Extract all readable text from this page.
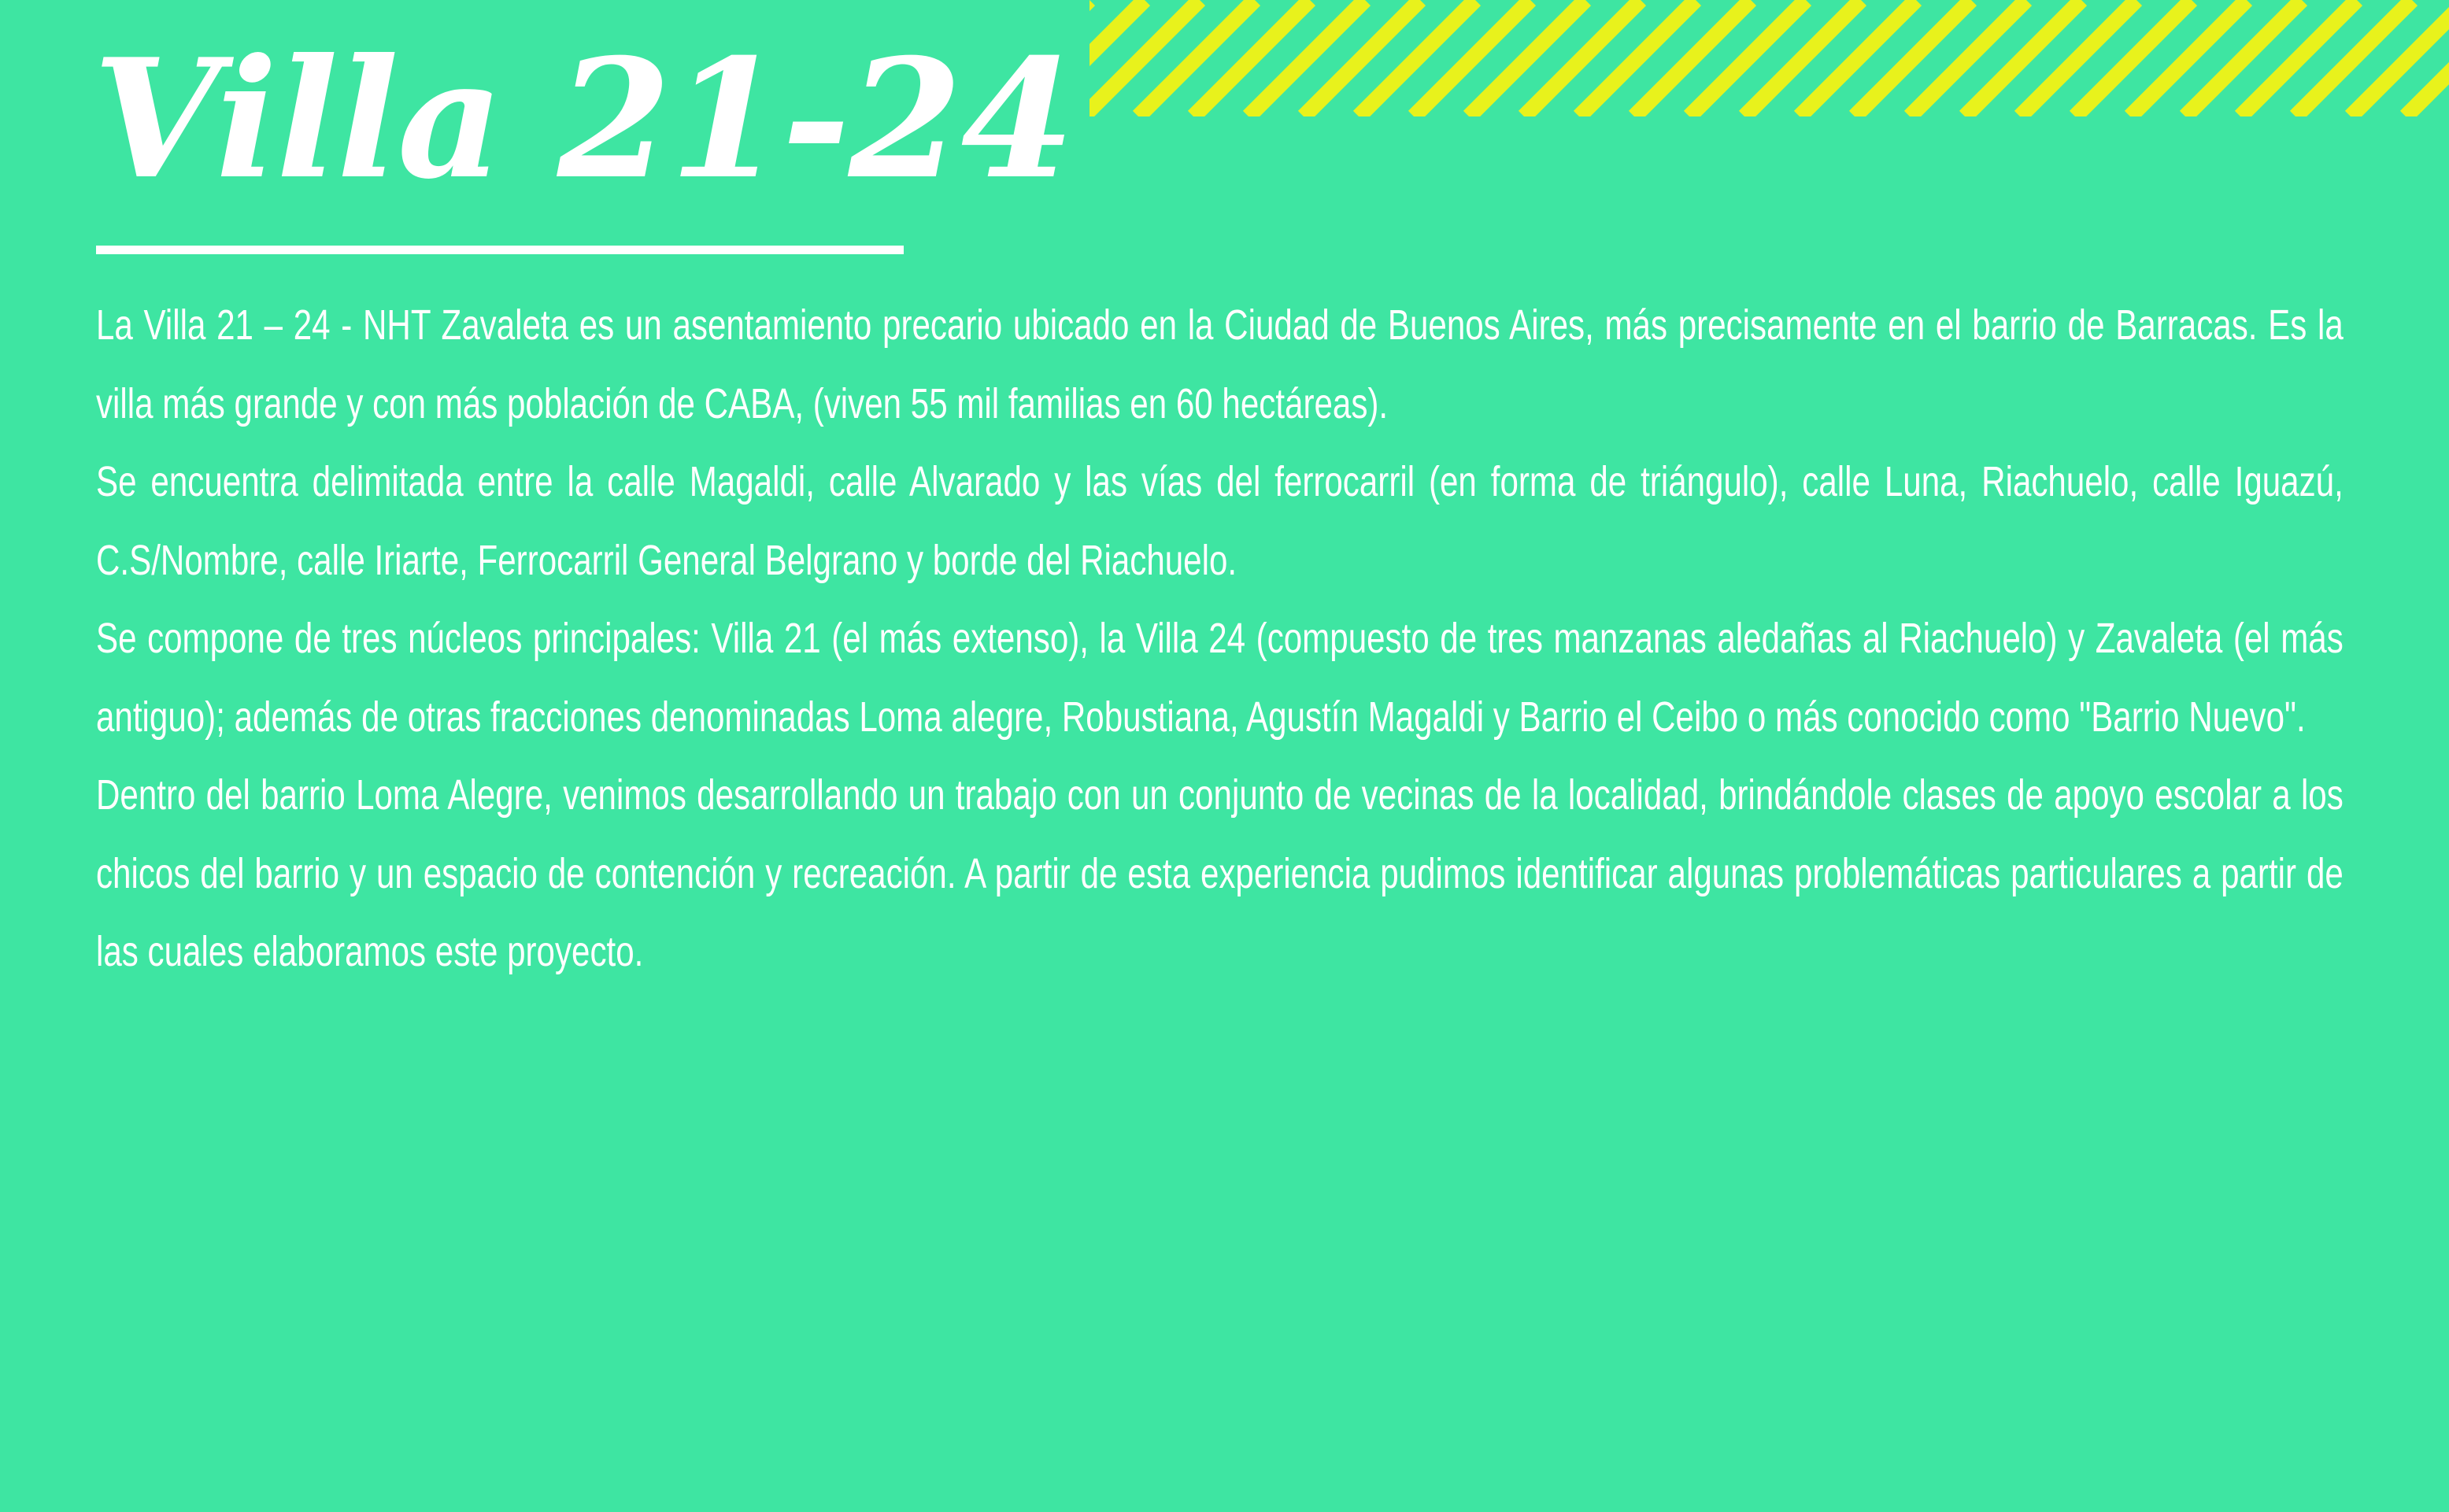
Villa 21-24

La Villa 21 – 24 - NHT Zavaleta es un asentamiento precario ubicado en la Ciudad de Buenos Aires, más precisamente en el barrio de Barracas. Es la villa más grande y con más población de CABA, (viven 55 mil familias en 60 hectáreas).

Se encuentra delimitada entre la calle Magaldi, calle Alvarado y las vías del ferrocarril (en forma de triángulo), calle Luna, Riachuelo, calle Iguazú, C.S/Nombre, calle Iriarte, Ferrocarril General Belgrano y borde del Riachuelo.

Se compone de tres núcleos principales: Villa 21 (el más extenso), la Villa 24 (compuesto de tres manzanas aledañas al Riachuelo) y Zavaleta (el más antiguo); además de otras fracciones denominadas Loma alegre, Robustiana, Agustín Magaldi y Barrio el Ceibo o más conocido como "Barrio Nuevo".

Dentro del barrio Loma Alegre, venimos desarrollando un trabajo con un conjunto de vecinas de la localidad, brindándole clases de apoyo escolar a los chicos del barrio y un espacio de contención y recreación. A partir de esta experiencia pudimos identificar algunas problemáticas particulares a partir de las cuales elaboramos este proyecto.
